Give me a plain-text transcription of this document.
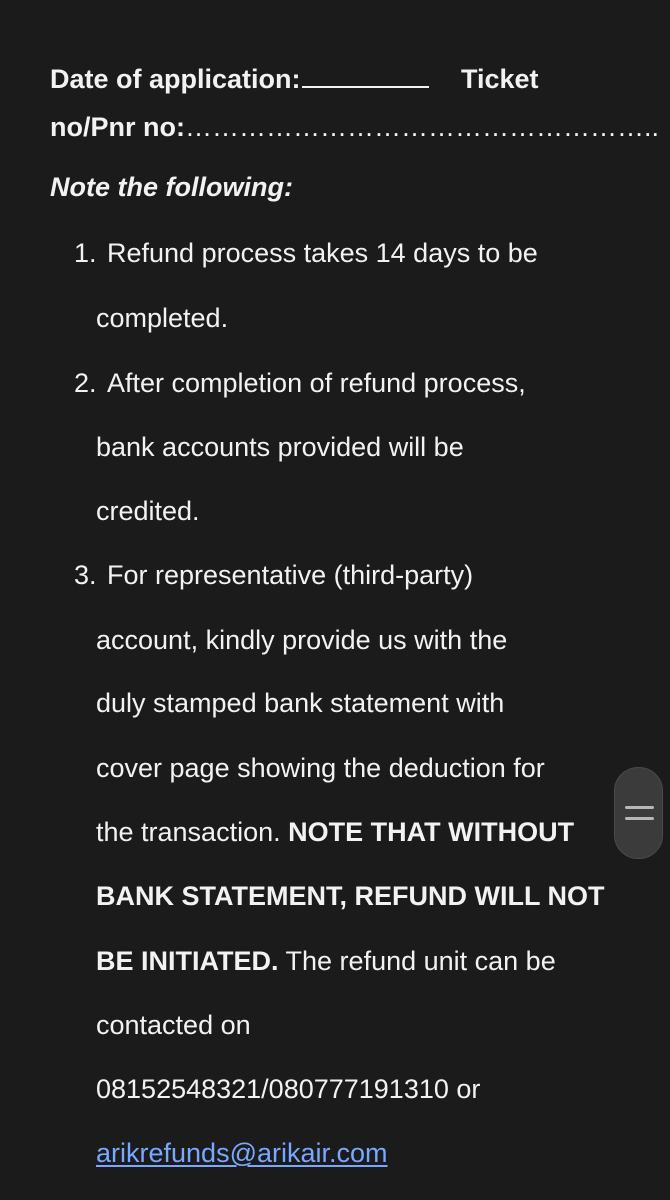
Date of application:	Ticket
no/Pnr no:……………………………………………..
Note the following:
1. Refund process takes 14 days to be
completed.
2. After completion of refund process,
bank accounts provided will be
credited.
3. For representative (third-party)
account, kindly provide us with the
duly stamped bank statement with
cover page showing the deduction for
the transaction. NOTE THAT WITHOUT
BANK STATEMENT, REFUND WILL NOT
BE INITIATED. The refund unit can be
contacted on
08152548321/080777191310 or
arikrefunds@arikair.com
